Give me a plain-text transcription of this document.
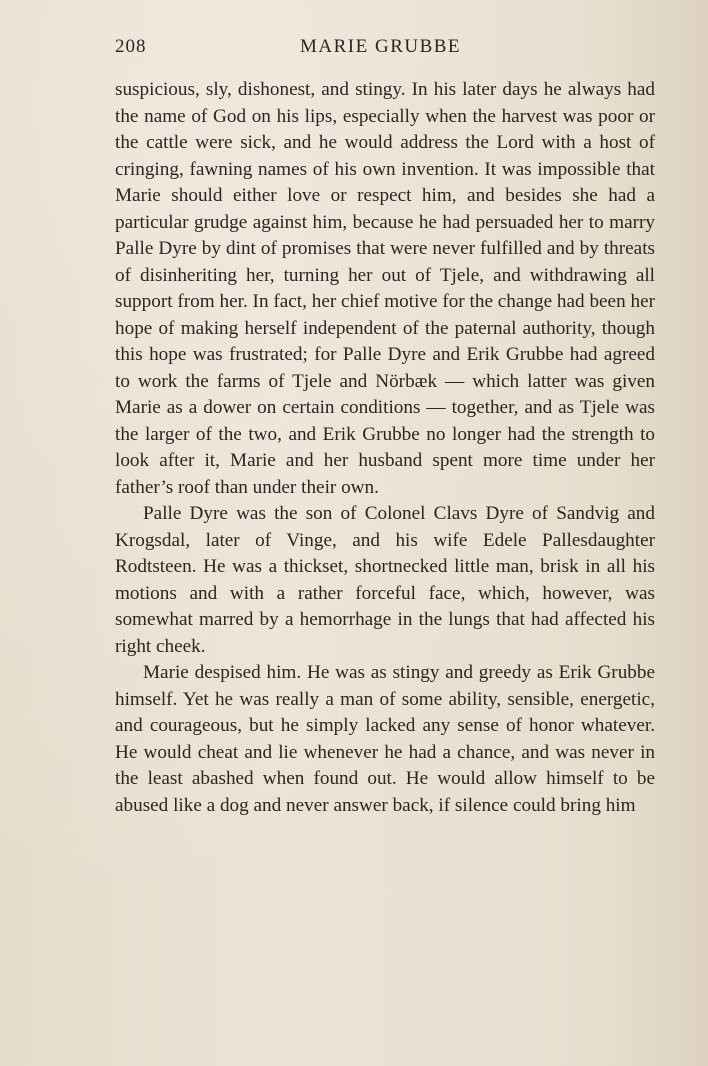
208	MARIE GRUBBE

suspicious, sly, dishonest, and stingy. In his later days he always had the name of God on his lips, especially when the harvest was poor or the cattle were sick, and he would address the Lord with a host of cringing, fawning names of his own invention. It was impossible that Marie should either love or respect him, and besides she had a particular grudge against him, because he had persuaded her to marry Palle Dyre by dint of promises that were never fulfilled and by threats of disinheriting her, turning her out of Tjele, and withdrawing all support from her. In fact, her chief motive for the change had been her hope of making herself independent of the paternal authority, though this hope was frustrated; for Palle Dyre and Erik Grubbe had agreed to work the farms of Tjele and Nörbæk — which latter was given Marie as a dower on certain conditions — together, and as Tjele was the larger of the two, and Erik Grubbe no longer had the strength to look after it, Marie and her husband spent more time under her father’s roof than under their own.

Palle Dyre was the son of Colonel Clavs Dyre of Sandvig and Krogsdal, later of Vinge, and his wife Edele Pallesdaughter Rodtsteen. He was a thickset, shortnecked little man, brisk in all his motions and with a rather forceful face, which, however, was somewhat marred by a hemorrhage in the lungs that had affected his right cheek.

Marie despised him. He was as stingy and greedy as Erik Grubbe himself. Yet he was really a man of some ability, sensible, energetic, and courageous, but he simply lacked any sense of honor whatever. He would cheat and lie whenever he had a chance, and was never in the least abashed when found out. He would allow himself to be abused like a dog and never answer back, if silence could bring him
